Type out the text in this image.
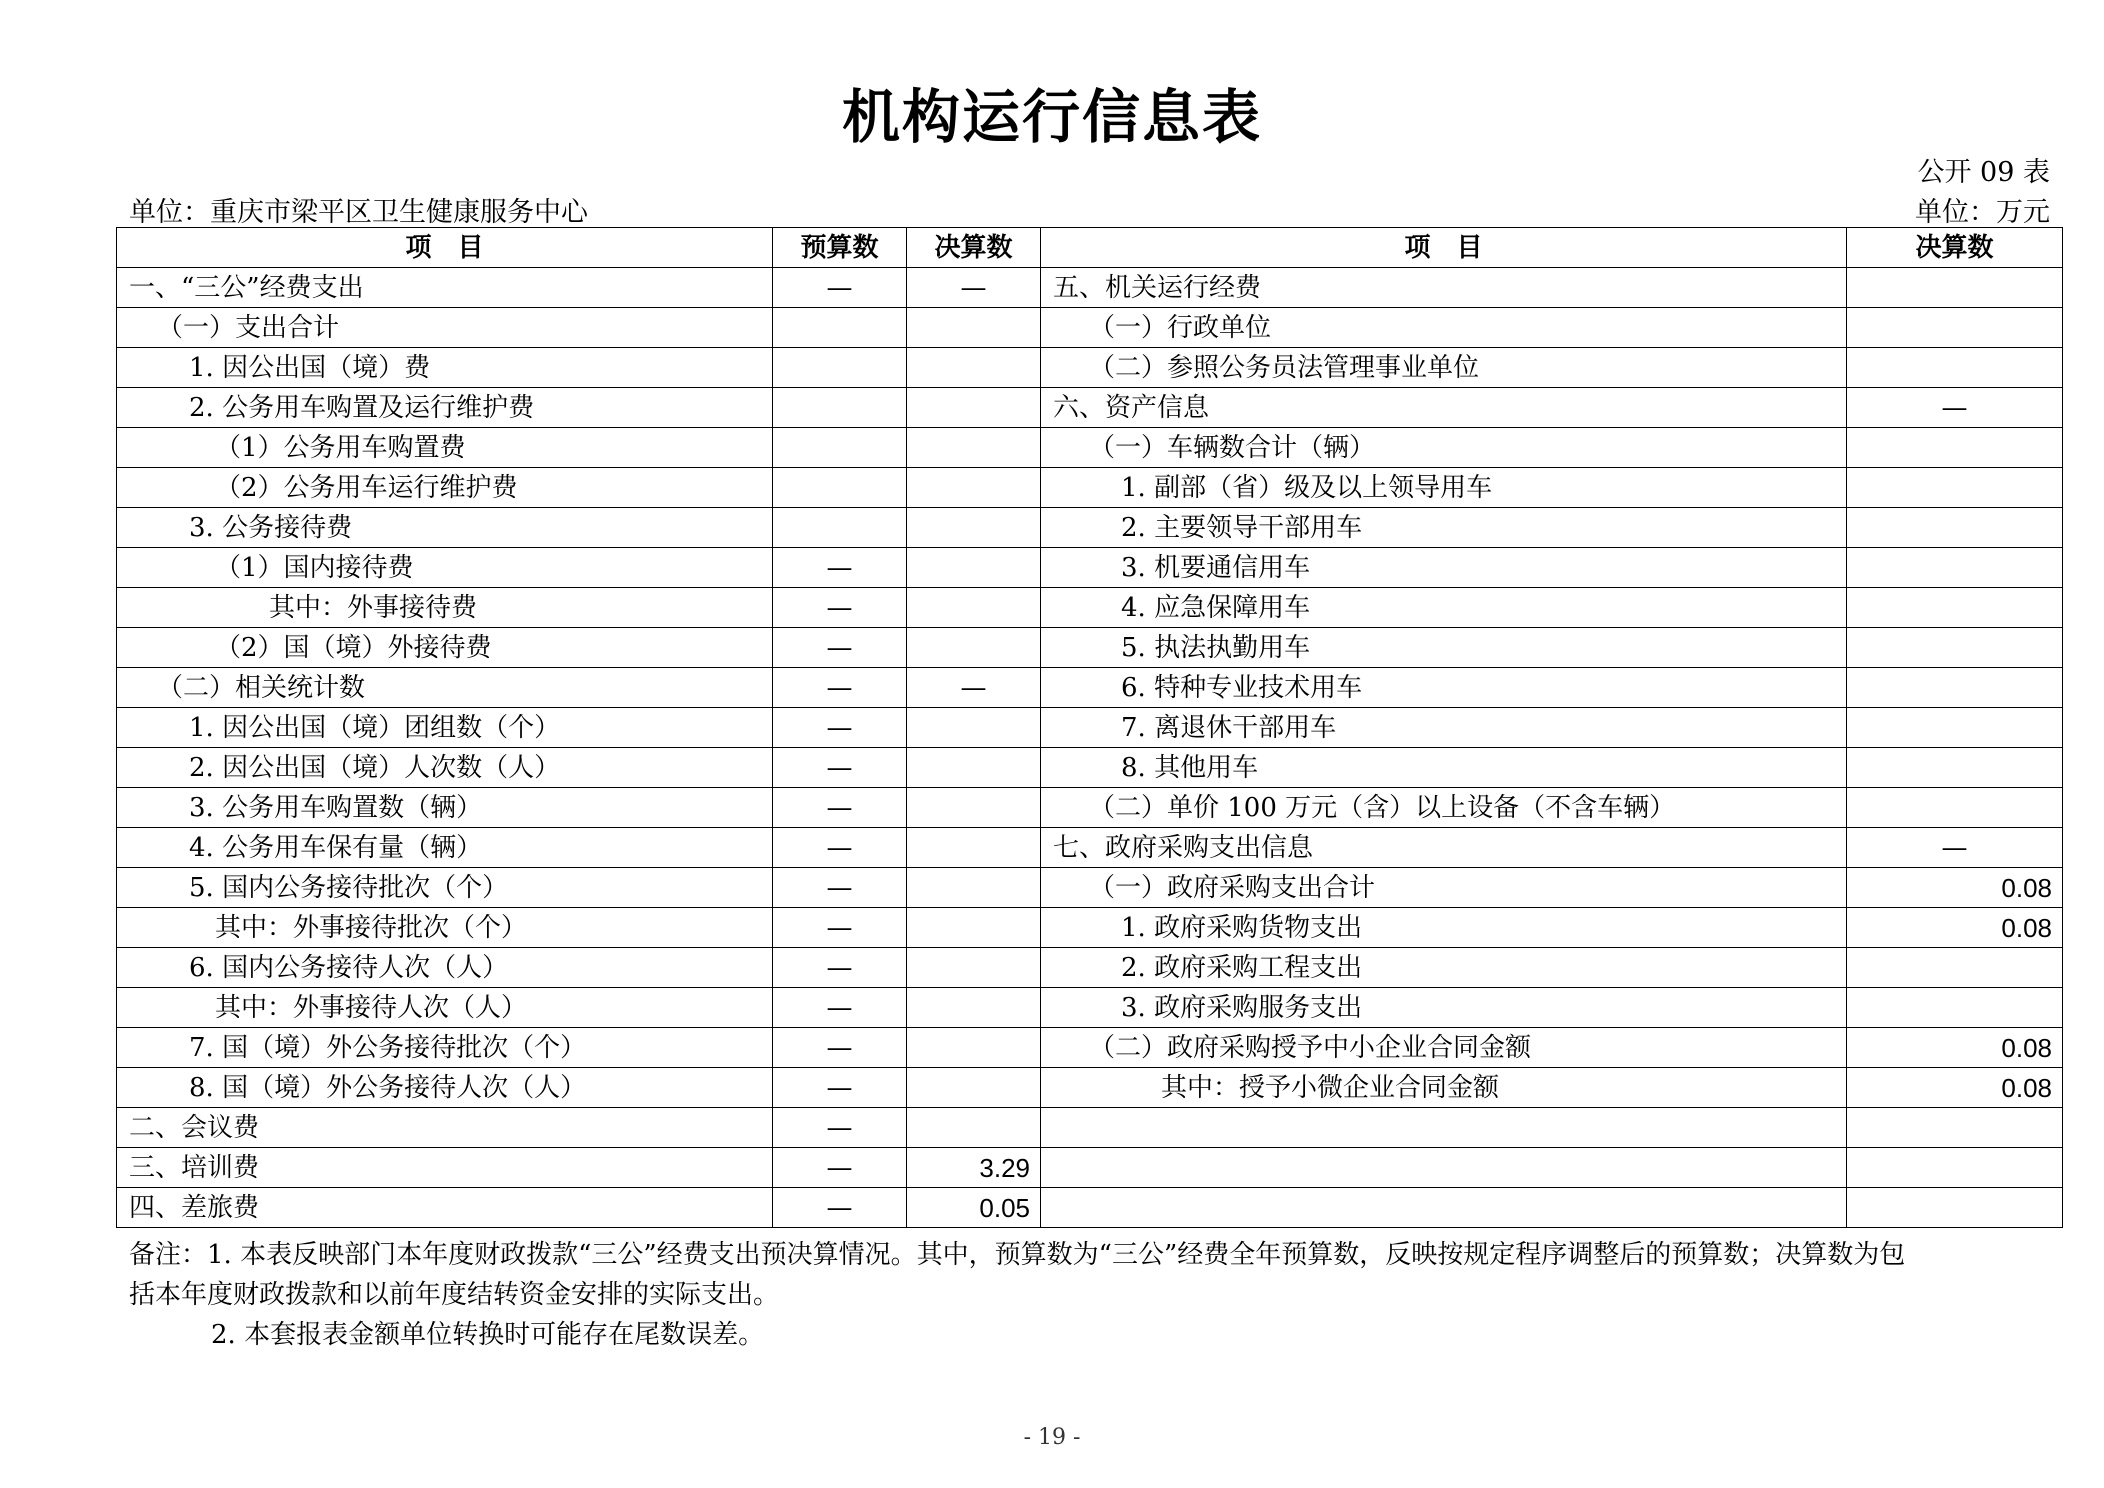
机构运行信息表
公开 09 表
单位：重庆市梁平区卫生健康服务中心	单位：万元
项　目	预算数	决算数	项　目	决算数
一、“三公”经费支出	—	—	五、机关运行经费	
（一）支出合计			（一）行政单位	
1. 因公出国（境）费			（二）参照公务员法管理事业单位	
2. 公务用车购置及运行维护费			六、资产信息	—
（1）公务用车购置费			（一）车辆数合计（辆）	
（2）公务用车运行维护费			1. 副部（省）级及以上领导用车	
3. 公务接待费			2. 主要领导干部用车	
（1）国内接待费	—		3. 机要通信用车	
其中：外事接待费	—		4. 应急保障用车	
（2）国（境）外接待费	—		5. 执法执勤用车	
（二）相关统计数	—	—	6. 特种专业技术用车	
1. 因公出国（境）团组数（个）	—		7. 离退休干部用车	
2. 因公出国（境）人次数（人）	—		8. 其他用车	
3. 公务用车购置数（辆）	—		（二）单价 100 万元（含）以上设备（不含车辆）	
4. 公务用车保有量（辆）	—		七、政府采购支出信息	—
5. 国内公务接待批次（个）	—		（一）政府采购支出合计	0.08
其中：外事接待批次（个）	—		1. 政府采购货物支出	0.08
6. 国内公务接待人次（人）	—		2. 政府采购工程支出	
其中：外事接待人次（人）	—		3. 政府采购服务支出	
7. 国（境）外公务接待批次（个）	—		（二）政府采购授予中小企业合同金额	0.08
8. 国（境）外公务接待人次（人）	—		其中：授予小微企业合同金额	0.08
二、会议费	—			
三、培训费	—	3.29		
四、差旅费	—	0.05		
备注：1. 本表反映部门本年度财政拨款“三公”经费支出预决算情况。其中，预算数为“三公”经费全年预算数，反映按规定程序调整后的预算数；决算数为包
括本年度财政拨款和以前年度结转资金安排的实际支出。
2. 本套报表金额单位转换时可能存在尾数误差。
- 19 -
